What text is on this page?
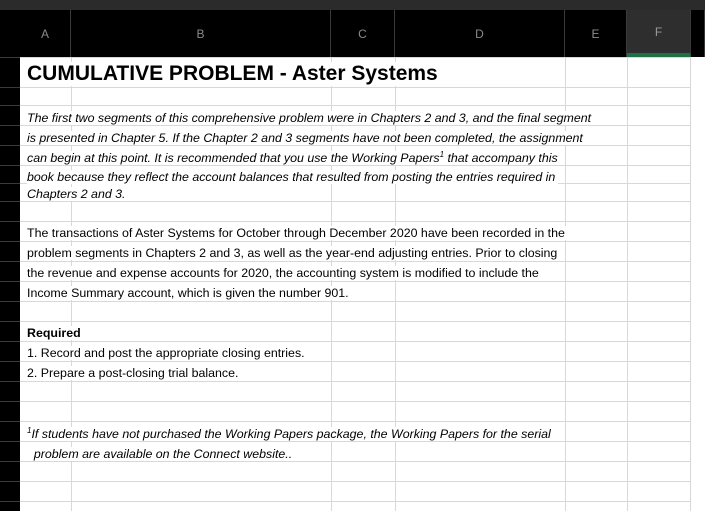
A	B	C	D	E	F
CUMULATIVE PROBLEM - Aster Systems
The first two segments of this comprehensive problem were in Chapters 2 and 3, and the final segment
is presented in Chapter 5. If the Chapter 2 and 3 segments have not been completed, the assignment
can begin at this point. It is recommended that you use the Working Papers$^1$ that accompany this
book because they reflect the account balances that resulted from posting the entries required in
Chapters 2 and 3.
The transactions of Aster Systems for October through December 2020 have been recorded in the
problem segments in Chapters 2 and 3, as well as the year-end adjusting entries. Prior to closing
the revenue and expense accounts for 2020, the accounting system is modified to include the
Income Summary account, which is given the number 901.
Required
1. Record and post the appropriate closing entries.
2. Prepare a post-closing trial balance.
$^1$If students have not purchased the Working Papers package, the Working Papers for the serial
problem are available on the Connect website..
